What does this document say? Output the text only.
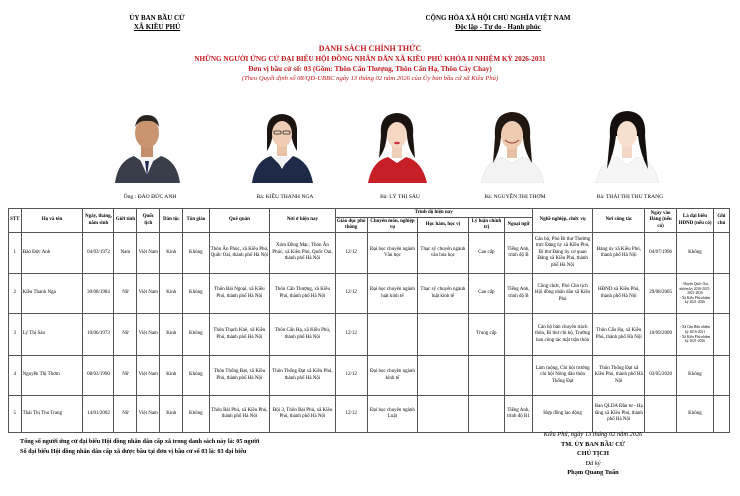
ỦY BAN BẦU CỬ
XÃ KIỀU PHÚ
CỘNG HÒA XÃ HỘI CHỦ NGHĨA VIỆT NAM
Độc lập - Tự do - Hạnh phúc
DANH SÁCH CHÍNH THỨC
NHỮNG NGƯỜI ỨNG CỬ ĐẠI BIỂU HỘI ĐỒNG NHÂN DÂN XÃ KIỀU PHÚ KHÓA II NHIỆM KỲ 2026-2031
Đơn vị bầu cử số: 03 (Gồm: Thôn Cấn Thượng, Thôn Cấn Hạ, Thôn Cây Chay)
(Theo Quyết định số 08/QĐ-UBBC ngày 13 tháng 02 năm 2026 của Ủy ban bầu cử xã Kiều Phú)
Ông : ĐÀO ĐỨC ANH	Bà: KIỀU THANH NGA	Bà: LÝ THỊ SÁU	Bà: NGUYỄN THỊ THƠM	Bà: THÁI THỊ THU TRANG
STT	Họ và tên	Ngày, tháng, năm sinh	Giới tính	Quốc tịch	Dân tộc	Tôn giáo	Quê quán	Nơi ở hiện nay	Trình độ hiện nay					Nghề nghiệp, chức vụ	Nơi công tác	Ngày vào Đảng (nếu có)	Là đại biểu HĐND (nếu có)	Ghi chú
									Giáo dục phổ thông	Chuyên môn, nghiệp vụ	Học hàm, học vị	Lý luận chính trị	Ngoại ngữ					
1	Đào Đức Anh	04/03/1972	Nam	Việt Nam	Kinh	Không	Thôn Ân Phúc, xã Kiều Phú, Quốc Oai, thành phố Hà Nội	Xóm Đồng Mạc, Thôn Ân Phúc, xã Kiều Phú, Quốc Oai, thành phố Hà Nội	12/12	Đại học chuyên ngành Văn học	Thạc sỹ chuyên ngành văn hóa học	Cao cấp	Tiếng Anh, trình độ B	Cán bộ, Phó Bí thư Thường trực Đảng ủy xã Kiều Phú, Bí thư Đảng ủy cơ quan Đảng xã Kiều Phú, thành phố Hà Nội	Đảng ủy xã Kiều Phú, thành phố Hà Nội	04/07/1996	Không	
2	Kiều Thanh Nga	30/08/1984	Nữ	Việt Nam	Kinh	Không	Thôn Bái Ngoại, xã Kiều Phú, thành phố Hà Nội	Thôn Cấn Thượng, xã Kiều Phú, thành phố Hà Nội	12/12	Đại học chuyên ngành luật kinh tế	Thạc sỹ chuyên ngành luật kinh tế	Cao cấp	Tiếng Anh, trình độ B	Công chức, Phó Chủ tịch Hội đồng nhân dân xã Kiều Phú	HĐND xã Kiều Phú, thành phố Hà Nội	29/08/2005	- Huyện Quốc Oai, nhiệm kỳ 2016-2021; 2021-2026
- Xã Kiều Phú nhiệm kỳ 2021-2026	
3	Lý Thị Sáu	10/06/1973	Nữ	Việt Nam	Kinh	Không	Thôn Thạch Khê, xã Kiều Phú, thành phố Hà Nội	Thôn Cấn Hạ, xã Kiều Phú, thành phố Hà Nội	12/12			Trung cấp		Cán bộ bán chuyên trách thôn, Bí thư chi bộ, Trưởng ban công tác mặt trận thôn	Thôn Cấn Hạ, xã Kiều Phú, thành phố Hà Nội	10/09/2009	- Xã Cấn Hữu nhiệm kỳ 2016-2021
- Xã Kiều Phú nhiệm kỳ 2021-2026	
4	Nguyễn Thị Thơm	08/03/1990	Nữ	Việt Nam	Kinh	Không	Thôn Thống Đạt, xã Kiều Phú, thành phố Hà Nội	Thôn Thống Đạt xã Kiều Phú, thành phố Hà Nội	12/12	Đại học chuyên ngành kinh tế				Làm ruộng, Chi hội trưởng chi hội Nông dân thôn Thống Đạt	Thôn Thống Đạt xã Kiều Phú, thành phố Hà Nội	03/05/2020	Không	
5	Thái Thị Thu Trang	14/01/2002	Nữ	Việt Nam	Kinh	Không	Thôn Bái Phú, xã Kiều Phú, thành phố Hà Nội	Đội 3, Thôn Bái Phú, xã Kiều Phú, thành phố Hà Nội	12/12	Đại học chuyên ngành Luật			Tiếng Anh, trình độ B1	Hợp đồng lao động	Ban QLDA Đầu tư - Hạ tầng xã Kiều Phú, thành phố Hà Nội		Không	
Tổng số người ứng cử đại biểu Hội đồng nhân dân cấp xã trong danh sách này là: 05 người
Số đại biểu Hội đồng nhân dân cấp xã được bầu tại đơn vị bầu cử số 03 là: 03 đại biểu
Kiều Phú, ngày 13 tháng 02 năm 2026
TM. ỦY BAN BẦU CỬ
CHỦ TỊCH
Đã ký
Phạm Quang Tuấn
